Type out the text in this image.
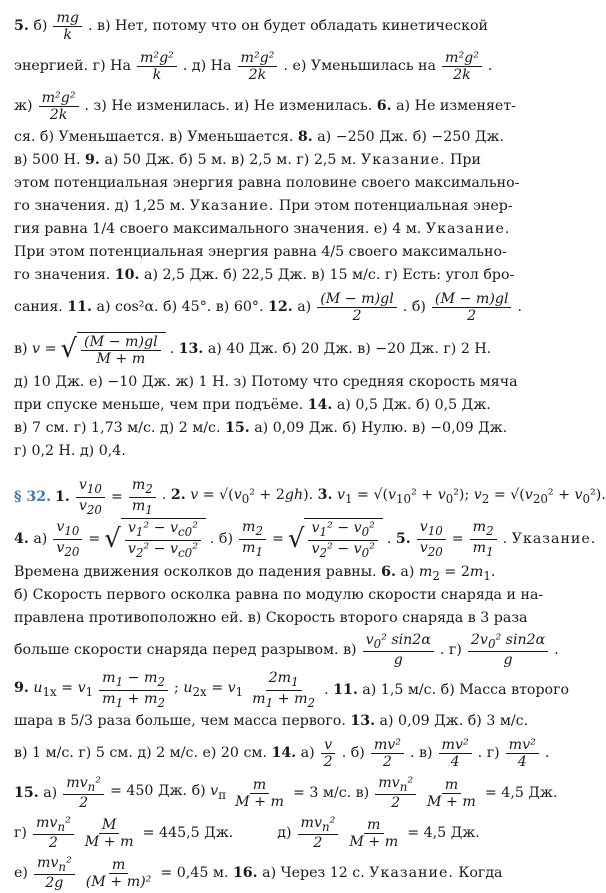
5. $б) \frac{mg}{k}$ . в) Нет, потому что он будет обладать кинетической
энергией. г) На $\frac{\text{m²g²}}{k}$ . д) На $\frac{\text{m²g²}}{2k}$ . е) Уменьшилась на $\frac{\text{m²g²}}{2k}$ .
$ж) \frac{\text{m²g²}}{2k}$ . з) Не изменилась. и) Не изменилась. 6. а) Не изменяет-
ся. б) Уменьшается. в) Уменьшается. 8. а) −250 Дж. б) −250 Дж.
в) 500 Н. 9. а) 50 Дж. б) 5 м. в) 2,5 м. г) 2,5 м. Указание. При
этом потенциальная энергия равна половине своего максимально-
го значения. д) 1,25 м. Указание. При этом потенциальная энер-
гия равна 1/4 своего максимального значения. е) 4 м. Указание.
При этом потенциальная энергия равна 4/5 своего максимально-
го значения. 10. а) 2,5 Дж. б) 22,5 Дж. в) 15 м/с. г) Есть: угол бро-
сания. 11. а) cos²α. б) 45°. в) 60°. 12. $а) \frac{(M - m)gl}{2}$ . $б) \frac{(M - m)gl}{2}$ .
в) v = √ $\frac{(M - m)gl}{M + m}$ . 13. а) 40 Дж. б) 20 Дж. в) −20 Дж. г) 2 Н.
д) 10 Дж. е) −10 Дж. ж) 1 Н. з) Потому что средняя скорость мяча
при спуске меньше, чем при подъёме. 14. а) 0,5 Дж. б) 0,5 Дж.
в) 7 см. г) 1,73 м/с. д) 2 м/с. 15. а) 0,09 Дж. б) Нулю. в) −0,09 Дж.
г) 0,2 Н. д) 0,4.
§ 32. 1. $\frac{v_{10}}{v_{20}} = \frac{m_2}{m_1}$ . 2. $v = √(v_0^2 + 2gh)$. 3. $v_1 = √(v_{10}^2 + v_0^2)$; $v_2 = √(v_{20}^2 + v_0^2)$.
4. $а) \frac{v_{10}}{v_{20}}$ = √ $\frac{v_1^2 - v_{c0}^2}{v_2^2 - v_{c0}^2}$ . $б) \frac{m_2}{m_1}$ = √ $\frac{v_1^2 - v_0^2}{v_2^2 - v_0^2}$ . 5. $\frac{v_{10}}{v_{20}} = \frac{m_2}{m_1}$ . Указание.
Времена движения осколков до падения равны. 6. а) $m_2 = 2m_1$.
б) Скорость первого осколка равна по модулю скорости снаряда и на-
правлена противоположно ей. в) Скорость второго снаряда в 3 раза
больше скорости снаряда перед разрывом. $в) \frac{v_0^2 \sin 2\alpha}{g}$ . $г) \frac{2v_0^2 \sin 2\alpha}{g}$ .
9. $u_{1x} = v_1 \frac{m_1 - m_2}{m_1 + m_2}$ ; $u_{2x} = v_1 \frac{2m_1}{m_1 + m_2}$ . 11. а) 1,5 м/с. б) Масса второго
шара в 5/3 раза больше, чем масса первого. 13. а) 0,09 Дж. б) 3 м/с.
в) 1 м/с. г) 5 см. д) 2 м/с. е) 20 см. 14. $а) \frac{v}{2}$ . $б) \frac{\text{mv²}}{2}$ . $в) \frac{\text{mv²}}{4}$ . $г) \frac{\text{mv²}}{4}$ .
15. $а) \frac{mv_п^2}{2} = 450$ Дж. б) $v_п \frac{m}{M + m} = 3$ м/с. $в) \frac{mv_п^2}{2} \frac{m}{M + m} = 4,5$ Дж.
$г) \frac{mv_п^2}{2} \frac{M}{M + m} = 445,5$ Дж.	$д) \frac{mv_п^2}{2} \frac{m}{M + m} = 4,5$ Дж.
$е) \frac{mv_п^2}{2g} \frac{m}{\text{(M + m)²}} = 0,45$ м. 16. а) Через 12 с. Указание. Когда
